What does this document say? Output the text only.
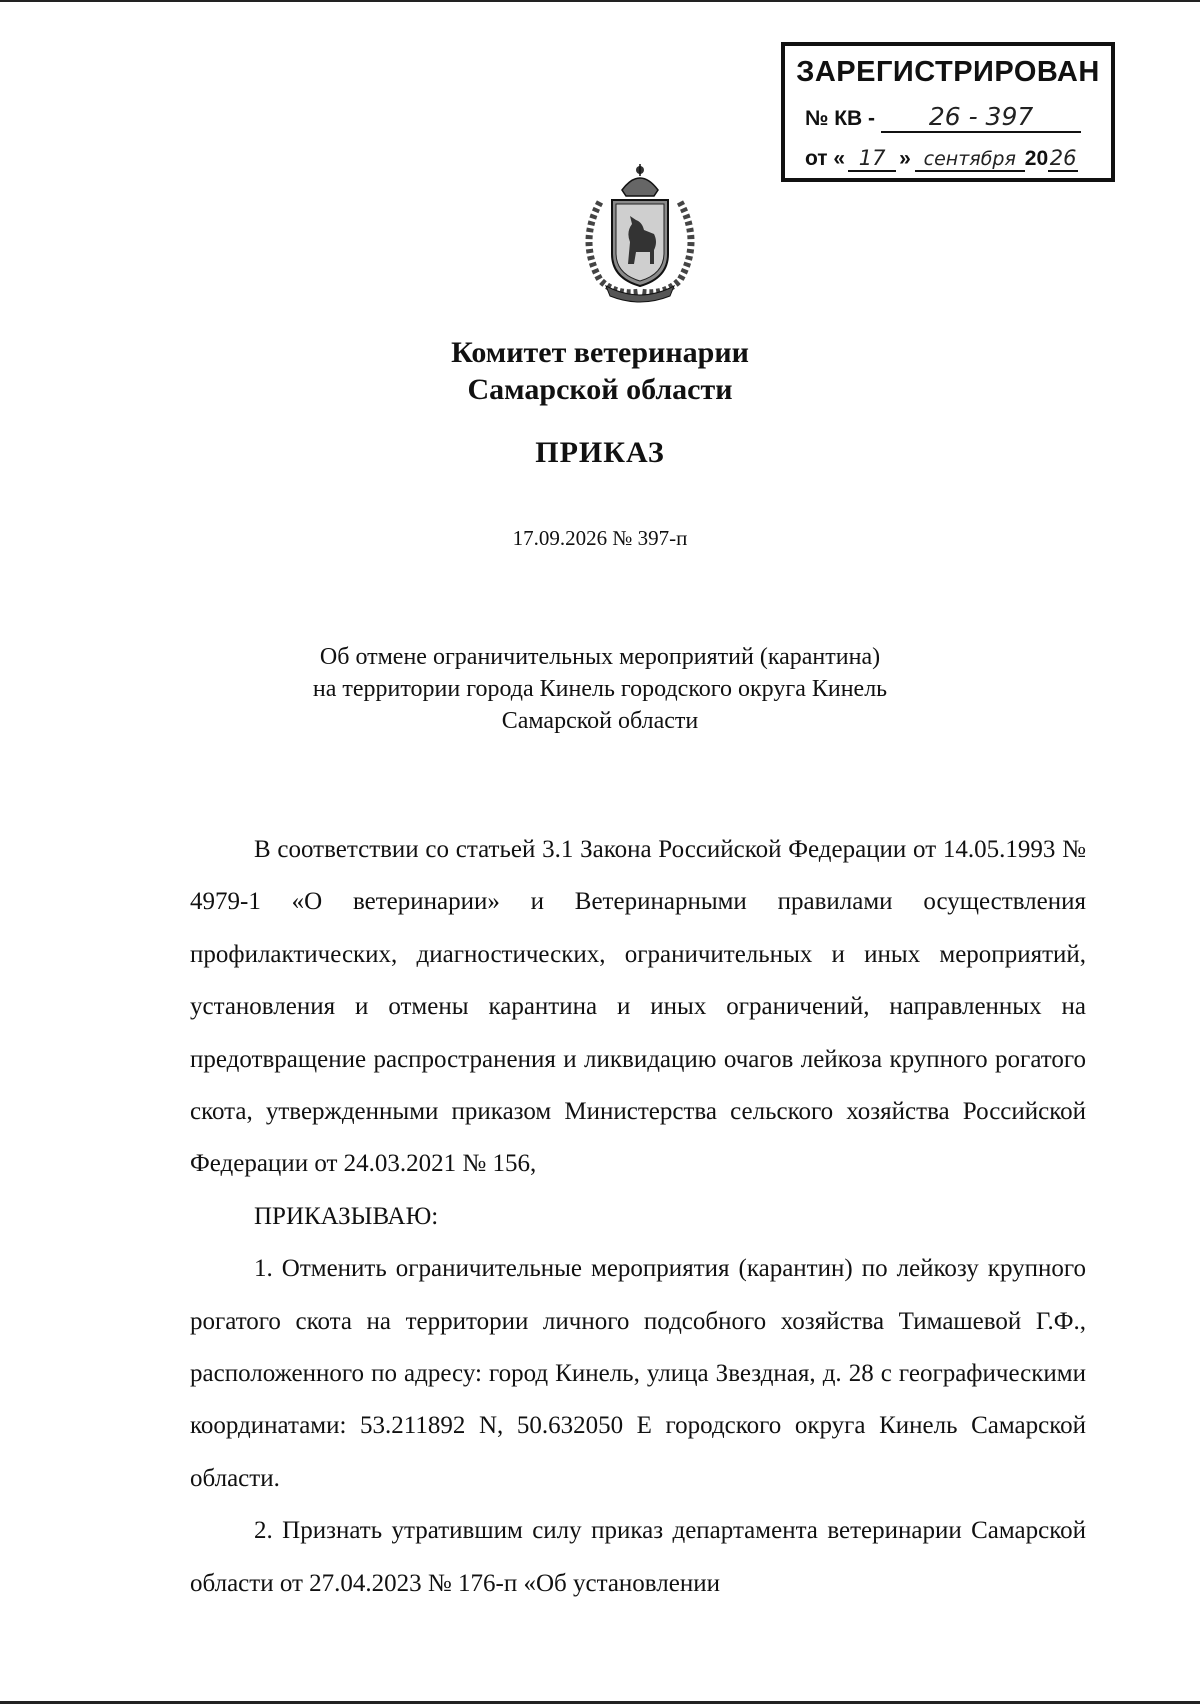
ЗАРЕГИСТРИРОВАН
№ КВ - 26 - 397
от « 17 » сентября 2026
Комитет ветеринарии
Самарской области
ПРИКАЗ
17.09.2026 № 397-п
Об отмене ограничительных мероприятий (карантина)
на территории города Кинель городского округа Кинель
Самарской области

В соответствии со статьей 3.1 Закона Российской Федерации от 14.05.1993 № 4979-1 «О ветеринарии» и Ветеринарными правилами осуществления профилактических, диагностических, ограничительных и иных мероприятий, установления и отмены карантина и иных ограничений, направленных на предотвращение распространения и ликвидацию очагов лейкоза крупного рогатого скота, утвержденными приказом Министерства сельского хозяйства Российской Федерации от 24.03.2021 № 156,

ПРИКАЗЫВАЮ:

1. Отменить ограничительные мероприятия (карантин) по лейкозу крупного рогатого скота на территории личного подсобного хозяйства Тимашевой Г.Ф., расположенного по адресу: город Кинель, улица Звездная, д. 28 с географическими координатами: 53.211892 N, 50.632050 E городского округа Кинель Самарской области.

2. Признать утратившим силу приказ департамента ветеринарии Самарской области от 27.04.2023 № 176-п «Об установлении
